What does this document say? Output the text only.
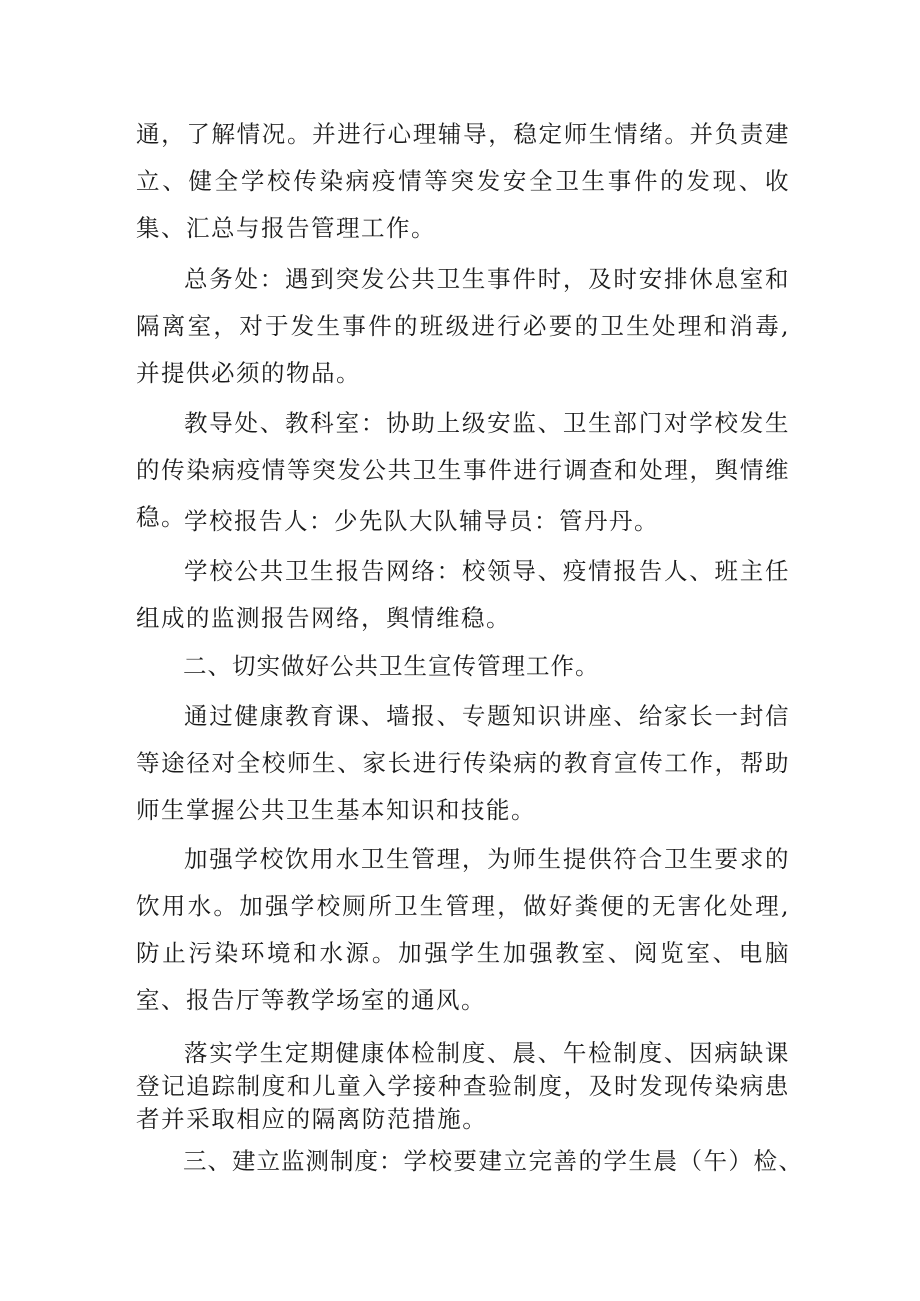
通，了解情况。并进行心理辅导，稳定师生情绪。并负责建立、健全学校传染病疫情等突发安全卫生事件的发现、收集、汇总与报告管理工作。

总务处：遇到突发公共卫生事件时，及时安排休息室和隔离室，对于发生事件的班级进行必要的卫生处理和消毒,并提供必须的物品。

教导处、教科室：协助上级安监、卫生部门对学校发生的传染病疫情等突发公共卫生事件进行调查和处理，舆情维稳。

学校报告人：少先队大队辅导员：管丹丹。

学校公共卫生报告网络：校领导、疫情报告人、班主任组成的监测报告网络，舆情维稳。

二、切实做好公共卫生宣传管理工作。

通过健康教育课、墙报、专题知识讲座、给家长一封信等途径对全校师生、家长进行传染病的教育宣传工作，帮助师生掌握公共卫生基本知识和技能。

加强学校饮用水卫生管理，为师生提供符合卫生要求的饮用水。加强学校厕所卫生管理，做好粪便的无害化处理,防止污染环境和水源。加强学生加强教室、阅览室、电脑室、报告厅等教学场室的通风。

落实学生定期健康体检制度、晨、午检制度、因病缺课登记追踪制度和儿童入学接种查验制度，及时发现传染病患者并采取相应的隔离防范措施。

三、建立监测制度：学校要建立完善的学生晨（午）检、
